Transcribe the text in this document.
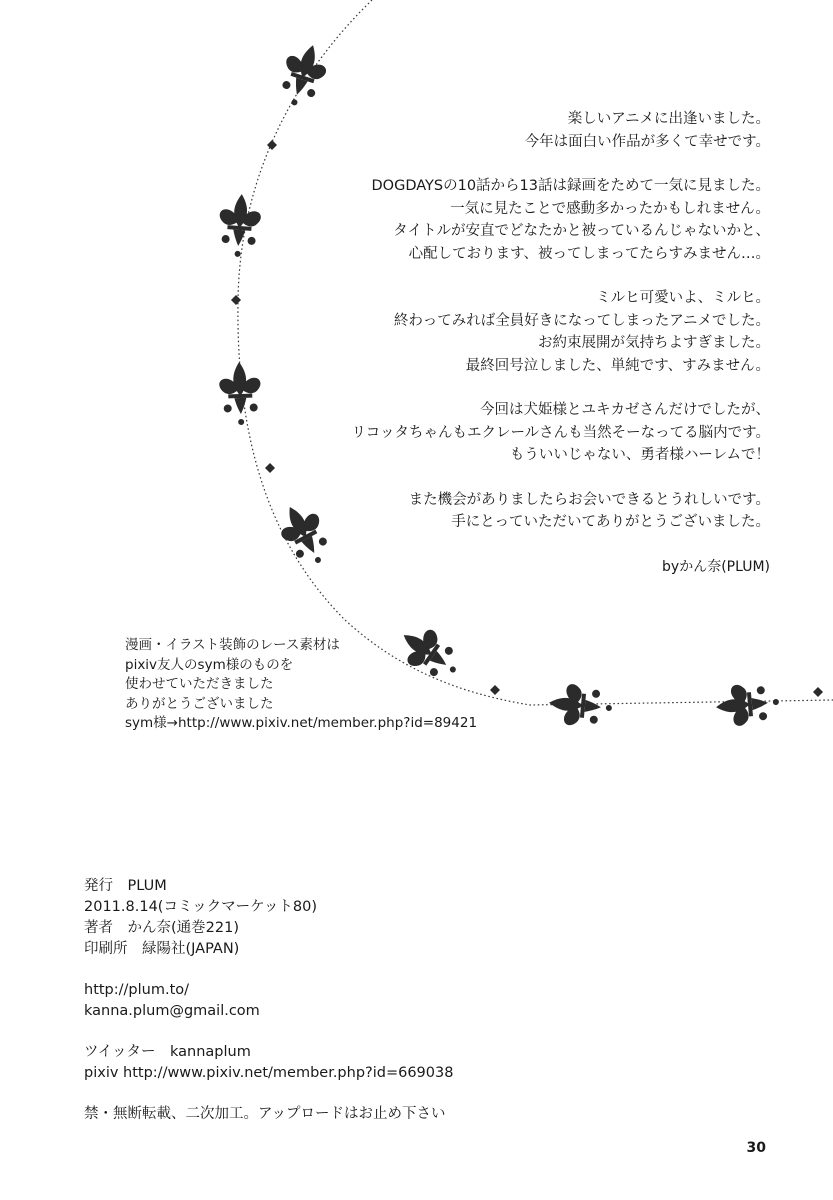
楽しいアニメに出逢いました。
今年は面白い作品が多くて幸せです。
DOGDAYSの10話から13話は録画をためて一気に見ました。
一気に見たことで感動多かったかもしれません。
タイトルが安直でどなたかと被っているんじゃないかと、
心配しております、被ってしまってたらすみません…。
ミルヒ可愛いよ、ミルヒ。
終わってみれば全員好きになってしまったアニメでした。
お約束展開が気持ちよすぎました。
最終回号泣しました、単純です、すみません。
今回は犬姫様とユキカゼさんだけでしたが、
リコッタちゃんもエクレールさんも当然そーなってる脳内です。
もういいじゃない、勇者様ハーレムで！
また機会がありましたらお会いできるとうれしいです。
手にとっていただいてありがとうございました。
byかん奈(PLUM)
漫画・イラスト装飾のレース素材は
pixiv友人のsym様のものを
使わせていただきました
ありがとうございました
sym様→http://www.pixiv.net/member.php?id=89421
発行　PLUM
2011.8.14(コミックマーケット80)
著者　かん奈(通巻221)
印刷所　緑陽社(JAPAN)
http://plum.to/
kanna.plum@gmail.com
ツイッター　kannaplum
pixiv http://www.pixiv.net/member.php?id=669038
禁・無断転載、二次加工。アップロードはお止め下さい
30
